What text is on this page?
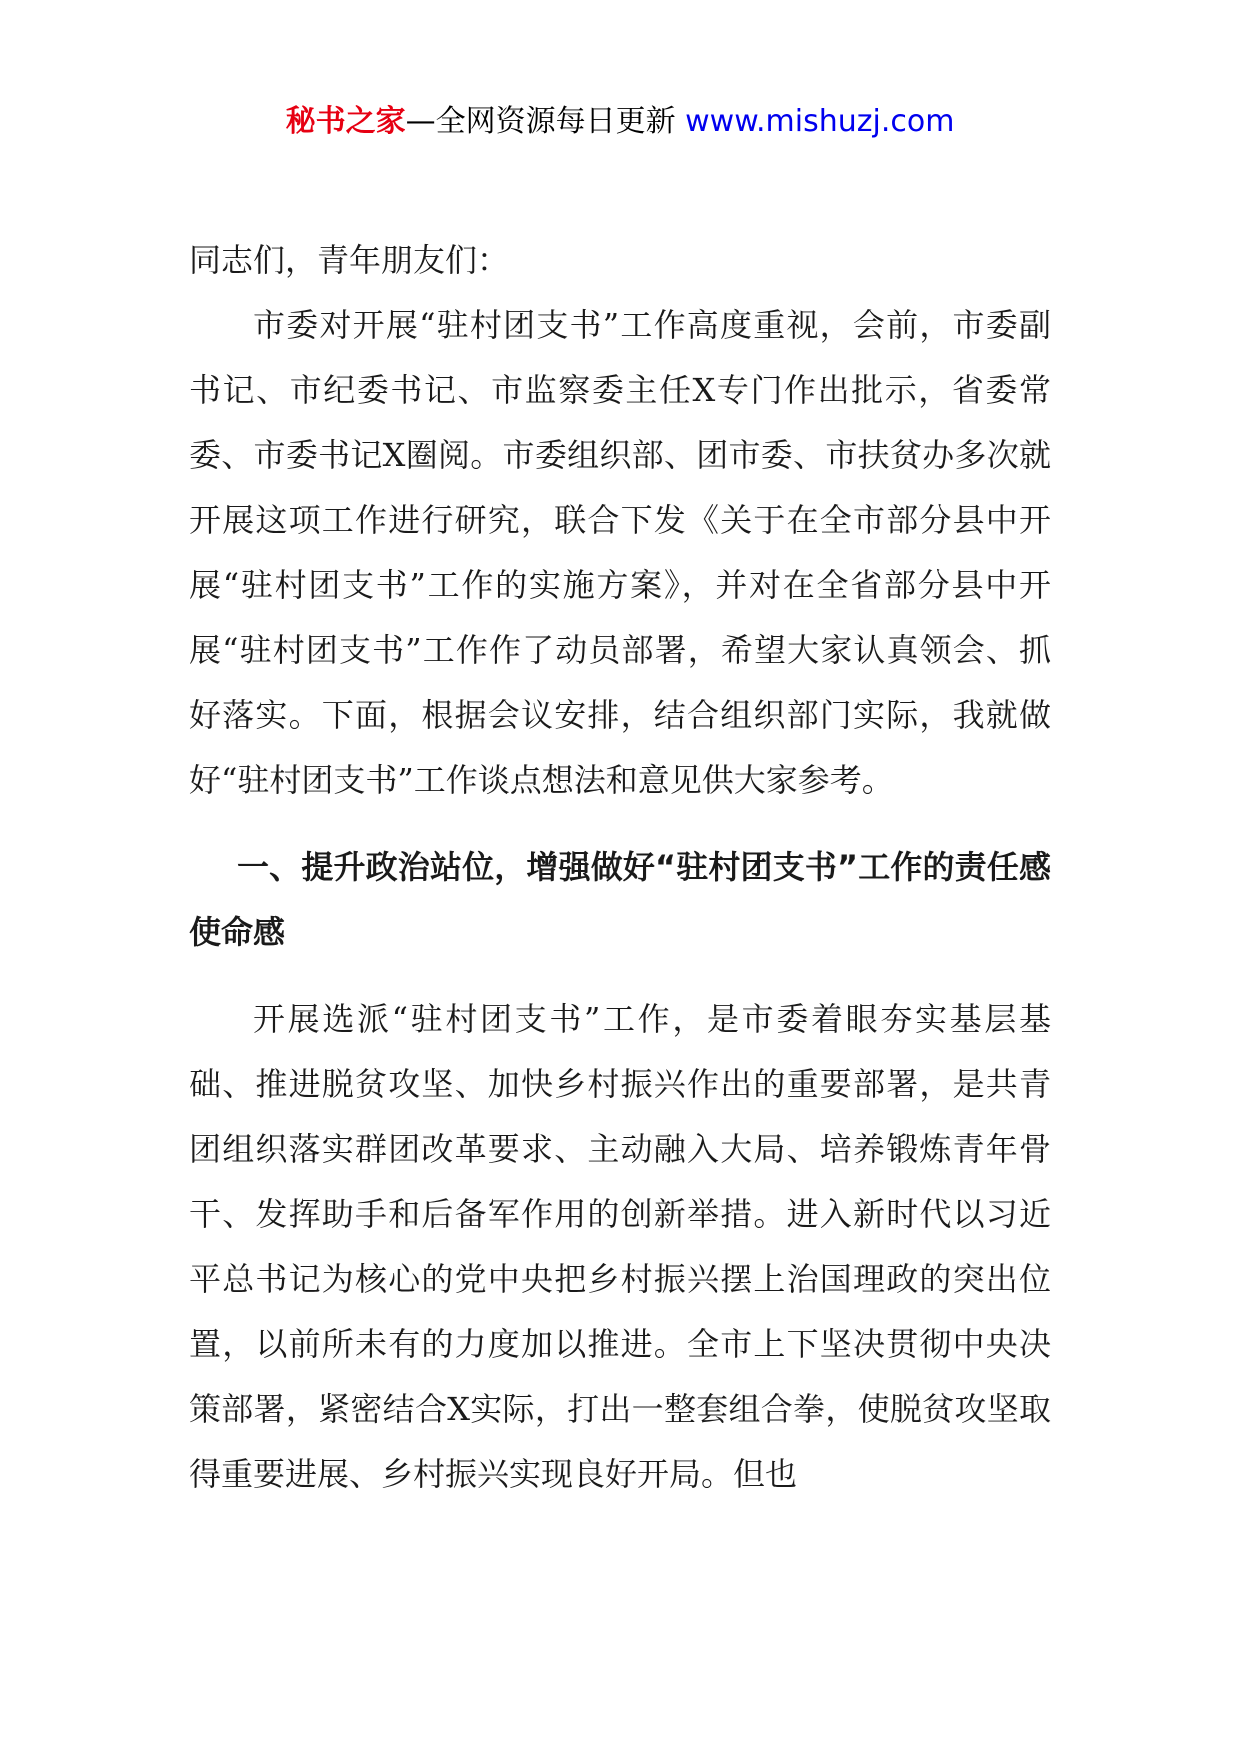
秘书之家—全网资源每日更新 www.mishuzj.com

同志们，青年朋友们：

市委对开展“驻村团支书”工作高度重视，会前，市委副书记、市纪委书记、市监察委主任X专门作出批示，省委常委、市委书记X圈阅。市委组织部、团市委、市扶贫办多次就开展这项工作进行研究，联合下发《关于在全市部分县中开展“驻村团支书”工作的实施方案》，并对在全省部分县中开展“驻村团支书”工作作了动员部署，希望大家认真领会、抓好落实。下面，根据会议安排，结合组织部门实际，我就做好“驻村团支书”工作谈点想法和意见供大家参考。

一、提升政治站位，增强做好“驻村团支书”工作的责任感使命感

开展选派“驻村团支书”工作，是市委着眼夯实基层基础、推进脱贫攻坚、加快乡村振兴作出的重要部署，是共青团组织落实群团改革要求、主动融入大局、培养锻炼青年骨干、发挥助手和后备军作用的创新举措。进入新时代以习近平总书记为核心的党中央把乡村振兴摆上治国理政的突出位置，以前所未有的力度加以推进。全市上下坚决贯彻中央决策部署，紧密结合X实际，打出一整套组合拳，使脱贫攻坚取得重要进展、乡村振兴实现良好开局。但也
